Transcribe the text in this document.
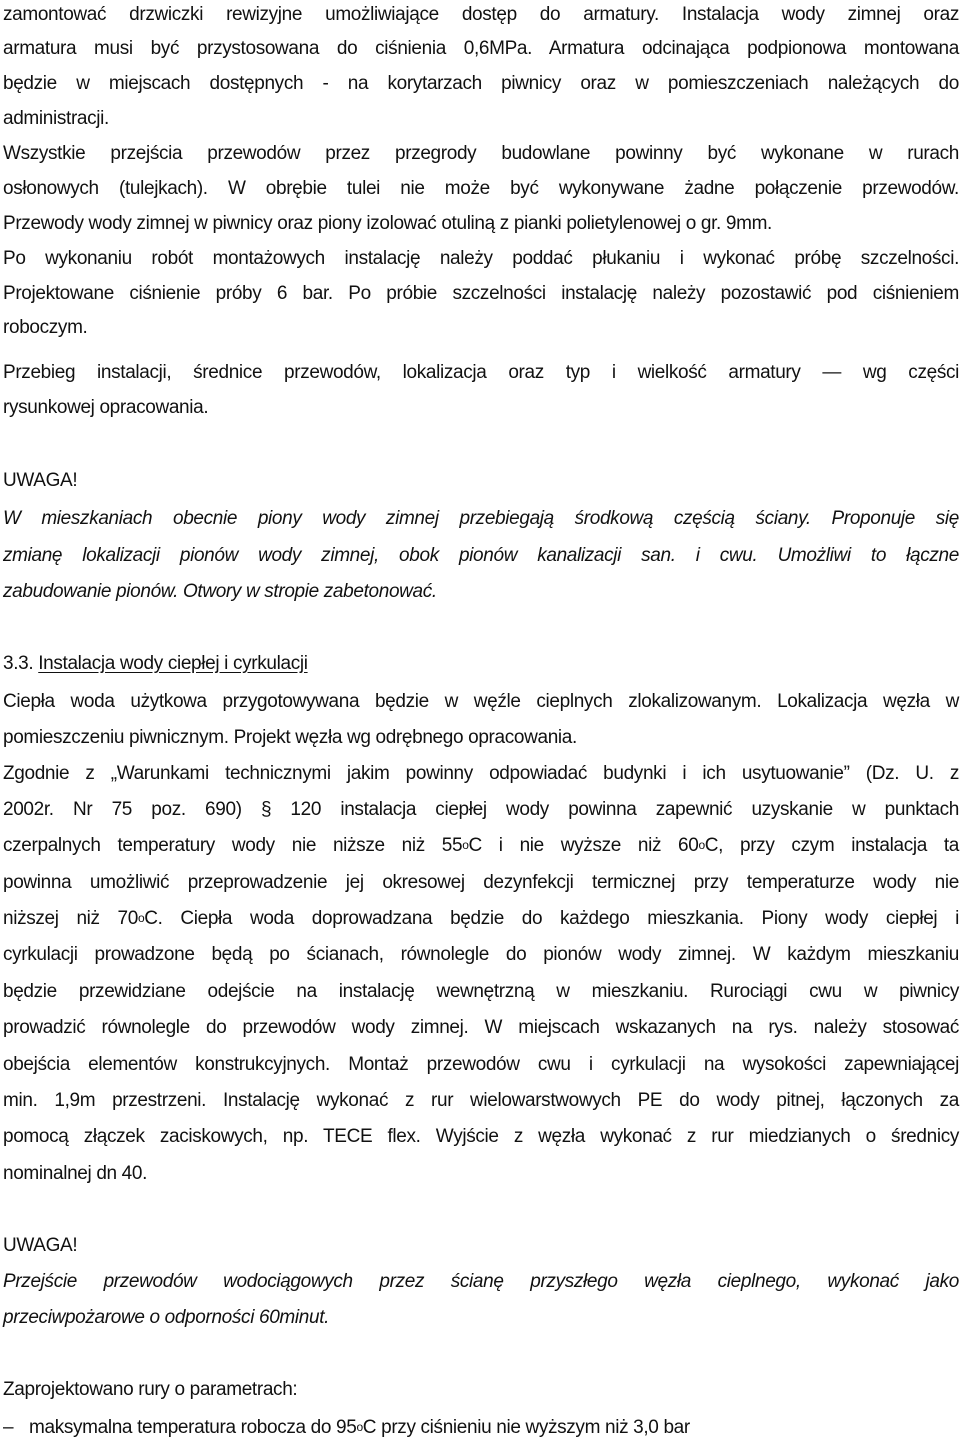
zamontować drzwiczki rewizyjne umożliwiające dostęp do armatury. Instalacja wody zimnej oraz
armatura musi być przystosowana do ciśnienia 0,6MPa. Armatura odcinająca podpionowa montowana
będzie w miejscach dostępnych - na korytarzach piwnicy oraz w pomieszczeniach należących do
administracji.
Wszystkie przejścia przewodów przez przegrody budowlane powinny być wykonane w rurach
osłonowych (tulejkach). W obrębie tulei nie może być wykonywane żadne połączenie przewodów.
Przewody wody zimnej w piwnicy oraz piony izolować otuliną z pianki polietylenowej o gr. 9mm.
Po wykonaniu robót montażowych instalację należy poddać płukaniu i wykonać próbę szczelności.
Projektowane ciśnienie próby 6 bar. Po próbie szczelności instalację należy pozostawić pod ciśnieniem
roboczym.
Przebieg instalacji, średnice przewodów, lokalizacja oraz typ i wielkość armatury — wg części
rysunkowej opracowania.
UWAGA!
W mieszkaniach obecnie piony wody zimnej przebiegają środkową częścią ściany. Proponuje się
zmianę lokalizacji pionów wody zimnej, obok pionów kanalizacji san. i cwu. Umożliwi to łączne
zabudowanie pionów. Otwory w stropie zabetonować.
3.3. Instalacja wody ciepłej i cyrkulacji
Ciepła woda użytkowa przygotowywana będzie w węźle cieplnych zlokalizowanym. Lokalizacja węzła w
pomieszczeniu piwnicznym. Projekt węzła wg odrębnego opracowania.
Zgodnie z „Warunkami technicznymi jakim powinny odpowiadać budynki i ich usytuowanie” (Dz. U. z
2002r. Nr 75 poz. 690) § 120 instalacja ciepłej wody powinna zapewnić uzyskanie w punktach
czerpalnych temperatury wody nie niższe niż 55$^o$C i nie wyższe niż 60$^o$C, przy czym instalacja ta
powinna umożliwić przeprowadzenie jej okresowej dezynfekcji termicznej przy temperaturze wody nie
niższej niż 70$^o$C. Ciepła woda doprowadzana będzie do każdego mieszkania. Piony wody ciepłej i
cyrkulacji prowadzone będą po ścianach, równolegle do pionów wody zimnej. W każdym mieszkaniu
będzie przewidziane odejście na instalację wewnętrzną w mieszkaniu. Rurociągi cwu w piwnicy
prowadzić równolegle do przewodów wody zimnej. W miejscach wskazanych na rys. należy stosować
obejścia elementów konstrukcyjnych. Montaż przewodów cwu i cyrkulacji na wysokości zapewniającej
min. 1,9m przestrzeni. Instalację wykonać z rur wielowarstwowych PE do wody pitnej, łączonych za
pomocą złączek zaciskowych, np. TECE flex. Wyjście z węzła wykonać z rur miedzianych o średnicy
nominalnej dn 40.
UWAGA!
Przejście przewodów wodociągowych przez ścianę przyszłego węzła cieplnego, wykonać jako
przeciwpożarowe o odporności 60minut.
Zaprojektowano rury o parametrach:
– maksymalna temperatura robocza do 95$^o$C przy ciśnieniu nie wyższym niż 3,0 bar
